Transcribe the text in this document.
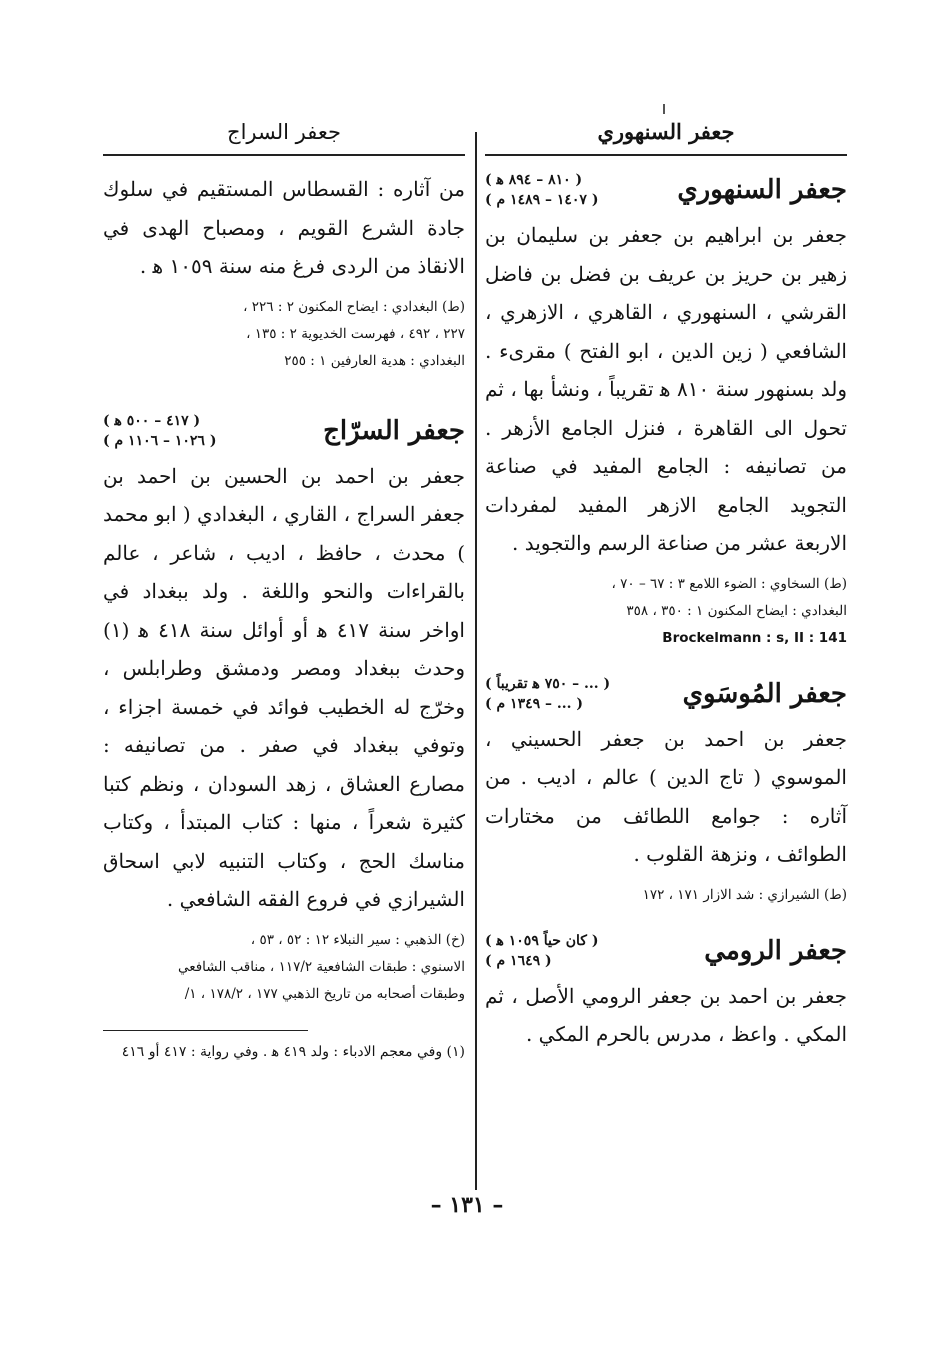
جعفر السنهوري
جعفر السنهوري
( ٨١٠ – ٨٩٤ ﻫ )
( ١٤٠٧ – ١٤٨٩ م )

جعفر بن ابراهيم بن جعفر بن سليمان بن زهير بن حريز بن عريف بن فضل بن فاضل القرشي ، السنهوري ، القاهري ، الازهري ، الشافعي ( زين الدين ، ابو الفتح ) مقرىء . ولد بسنهور سنة ٨١٠ ﻫ تقريباً ، ونشأ بها ، ثم تحول الى القاهرة ، فنزل الجامع الأزهر . من تصانيفه : الجامع المفيد في صناعة التجويد الجامع الازهر المفيد لمفردات الاربعة عشر من صناعة الرسم والتجويد .

(ط) السخاوي : الضوء اللامع ٣ : ٦٧ – ٧٠ ،

البغدادي : ايضاح المكنون ١ : ٣٥٠ ، ٣٥٨

Brockelmann : s, II : 141
جعفر المُوسَوي
( ... – ٧٥٠ ﻫ تقريباً )
( ... – ١٣٤٩ م )

جعفر بن احمد بن جعفر الحسيني ، الموسوي ( تاج الدين ) عالم ، اديب . من آثاره : جوامع اللطائف من مختارات الطوائف ، ونزهة القلوب .

(ط) الشيرازي : شد الازار ١٧١ ، ١٧٢

جعفر الرومي
( كان حياً ١٠٥٩ ﻫ )
( ١٦٤٩ م )

جعفر بن احمد بن جعفر الرومي الأصل ، ثم المكي . واعظ ، مدرس بالحرم المكي .

جعفر السراج

من آثاره : القسطاس المستقيم في سلوك جادة الشرع القويم ، ومصباح الهدى في الانقاذ من الردى فرغ منه سنة ١٠٥٩ ﻫ .

(ط) البغدادي : ايضاح المكنون ٢ : ٢٢٦ ،

٢٢٧ ، ٤٩٢ ، فهرست الخديوية ٢ : ١٣٥ ،

البغدادي : هدية العارفين ١ : ٢٥٥

جعفر السرّاج
( ٤١٧ – ٥٠٠ ﻫ )
( ١٠٢٦ – ١١٠٦ م )

جعفر بن احمد بن الحسين بن احمد بن جعفر السراج ، القاري ، البغدادي ( ابو محمد ) محدث ، حافظ ، اديب ، شاعر ، عالم بالقراءات والنحو واللغة . ولد ببغداد في اواخر سنة ٤١٧ ﻫ أو أوائل سنة ٤١٨ ﻫ (١) وحدث ببغداد ومصر ودمشق وطرابلس ، وخرّج له الخطيب فوائد في خمسة اجزاء ، وتوفي ببغداد في صفر . من تصانيفه : مصارع العشاق ، زهد السودان ، ونظم كتبا كثيرة شعراً ، منها : كتاب المبتدأ ، وكتاب مناسك الحج ، وكتاب التنبيه لابي اسحاق الشيرازي في فروع الفقه الشافعي .

(خ) الذهبي : سير النبلاء ١٢ : ٥٢ ، ٥٣ ،

الاسنوي : طبقات الشافعية ١١٧/٢ ، مناقب الشافعي

وطبقات أصحابه من تاريخ الذهبي ١٧٧ ، ١٧٨/٢ ، ١/

(١) وفي معجم الادباء : ولد ٤١٩ ﻫ . وفي رواية : ٤١٧ أو ٤١٦
– ١٣١ –
